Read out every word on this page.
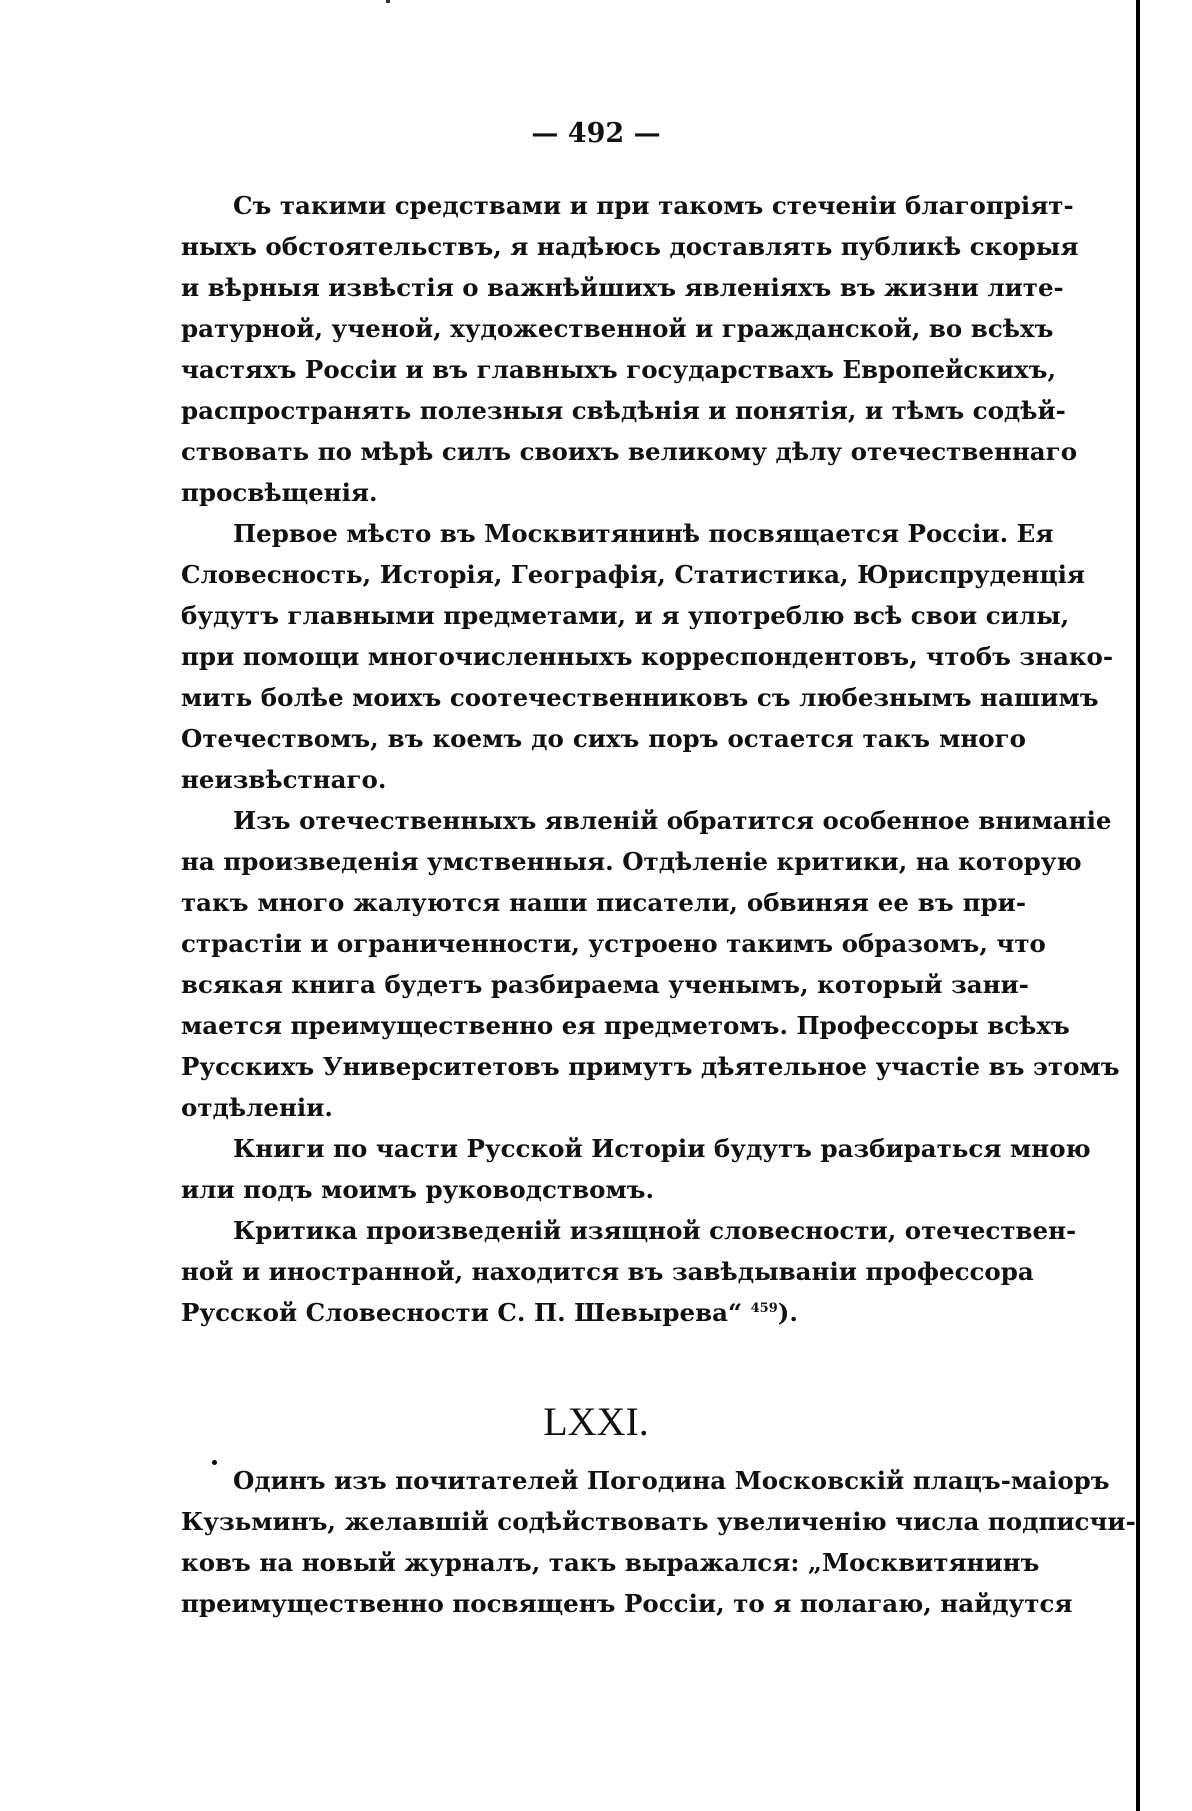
— 492 —
Съ такими средствами и при такомъ стеченіи благопріят-
ныхъ обстоятельствъ, я надѣюсь доставлять публикѣ скорыя
и вѣрныя извѣстія о важнѣйшихъ явленіяхъ въ жизни лите-
ратурной, ученой, художественной и гражданской, во всѣхъ
частяхъ Россіи и въ главныхъ государствахъ Европейскихъ,
распространять полезныя свѣдѣнія и понятія, и тѣмъ содѣй-
ствовать по мѣрѣ силъ своихъ великому дѣлу отечественнаго
просвѣщенія.
Первое мѣсто въ Москвитянинѣ посвящается Россіи. Ея
Словесность, Исторія, Географія, Статистика, Юриспруденція
будутъ главными предметами, и я употреблю всѣ свои силы,
при помощи многочисленныхъ корреспондентовъ, чтобъ знако-
мить болѣе моихъ соотечественниковъ съ любезнымъ нашимъ
Отечествомъ, въ коемъ до сихъ поръ остается такъ много
неизвѣстнаго.
Изъ отечественныхъ явленій обратится особенное вниманіе
на произведенія умственныя. Отдѣленіе критики, на которую
такъ много жалуются наши писатели, обвиняя ее въ при-
страстіи и ограниченности, устроено такимъ образомъ, что
всякая книга будетъ разбираема ученымъ, который зани-
мается преимущественно ея предметомъ. Профессоры всѣхъ
Русскихъ Университетовъ примутъ дѣятельное участіе въ этомъ
отдѣленіи.
Книги по части Русской Исторіи будутъ разбираться мною
или подъ моимъ руководствомъ.
Критика произведеній изящной словесности, отечествен-
ной и иностранной, находится въ завѣдываніи профессора
Русской Словесности С. П. Шевырева“ $^{459}$).
LXXI.
Одинъ изъ почитателей Погодина Московскій плацъ-маіоръ
Кузьминъ, желавшій содѣйствовать увеличенію числа подписчи-
ковъ на новый журналъ, такъ выражался: „Москвитянинъ
преимущественно посвященъ Россіи, то я полагаю, найдутся
